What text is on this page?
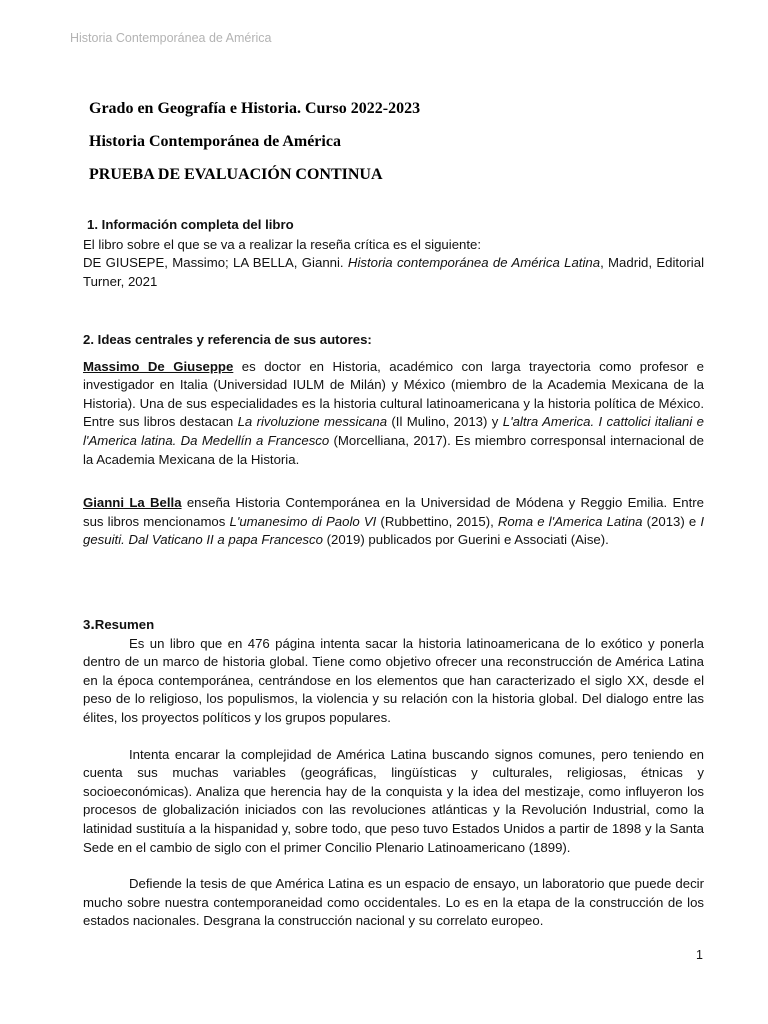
Historia Contemporánea de América
Grado en Geografía e Historia. Curso 2022-2023
Historia Contemporánea de América
PRUEBA DE EVALUACIÓN CONTINUA

1. Información completa del libro

El libro sobre el que se va a realizar la reseña crítica es el siguiente:

DE GIUSEPE, Massimo; LA BELLA, Gianni. Historia contemporánea de América Latina, Madrid, Editorial Turner, 2021

2. Ideas centrales y referencia de sus autores:

Massimo De Giuseppe es doctor en Historia, académico con larga trayectoria como profesor e investigador en Italia (Universidad IULM de Milán) y México (miembro de la Academia Mexicana de la Historia). Una de sus especialidades es la historia cultural latinoamericana y la historia política de México. Entre sus libros destacan La rivoluzione messicana (Il Mulino, 2013) y L'altra America. I cattolici italiani e l'America latina. Da Medellín a Francesco (Morcelliana, 2017). Es miembro corresponsal internacional de la Academia Mexicana de la Historia.

Gianni La Bella enseña Historia Contemporánea en la Universidad de Módena y Reggio Emilia. Entre sus libros mencionamos L'umanesimo di Paolo VI (Rubbettino, 2015), Roma e l'America Latina (2013) e I gesuiti. Dal Vaticano II a papa Francesco (2019) publicados por Guerini e Associati (Aise).

3.Resumen

Es un libro que en 476 página intenta sacar la historia latinoamericana de lo exótico y ponerla dentro de un marco de historia global. Tiene como objetivo ofrecer una reconstrucción de América Latina en la época contemporánea, centrándose en los elementos que han caracterizado el siglo XX, desde el peso de lo religioso, los populismos, la violencia y su relación con la historia global. Del dialogo entre las élites, los proyectos políticos y los grupos populares.

Intenta encarar la complejidad de América Latina buscando signos comunes, pero teniendo en cuenta sus muchas variables (geográficas, lingüísticas y culturales, religiosas, étnicas y socioeconómicas). Analiza que herencia hay de la conquista y la idea del mestizaje, como influyeron los procesos de globalización iniciados con las revoluciones atlánticas y la Revolución Industrial, como la latinidad sustituía a la hispanidad y, sobre todo, que peso tuvo Estados Unidos a partir de 1898 y la Santa Sede en el cambio de siglo con el primer Concilio Plenario Latinoamericano (1899).

Defiende la tesis de que América Latina es un espacio de ensayo, un laboratorio que puede decir mucho sobre nuestra contemporaneidad como occidentales. Lo es en la etapa de la construcción de los estados nacionales. Desgrana la construcción nacional y su correlato europeo.

1
